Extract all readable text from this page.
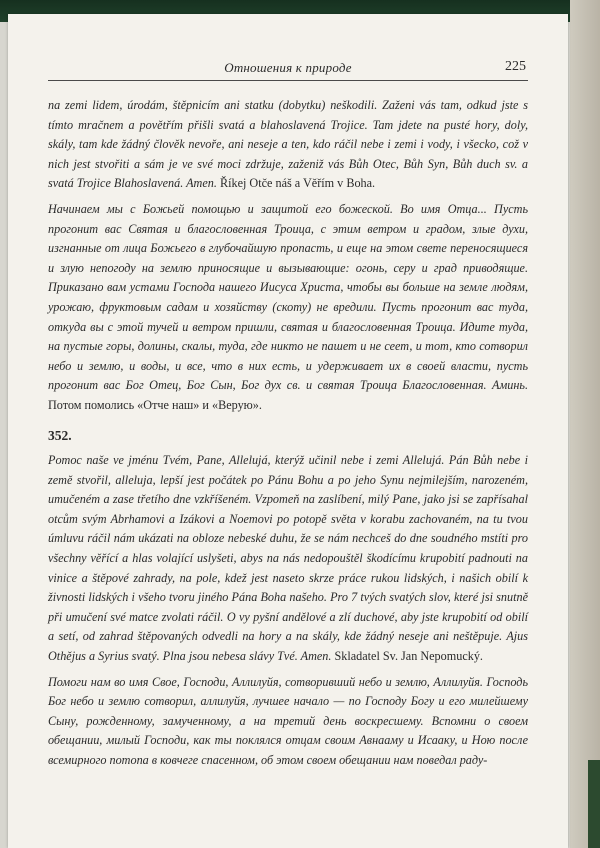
Отношения к природе	225

na zemi lidem, úrodám, štěpnicím ani statku (dobytku) neškodili. Zaženi vás tam, odkud jste s tímto mračnem a povětřím přišli svatá a blahoslavená Trojice. Tam jdete na pusté hory, doly, skály, tam kde žádný člověk nevoře, ani neseje a ten, kdo ráčil nebe i zemi i vody, i všecko, což v nich jest stvořiti a sám je ve své moci zdržuje, zaženiž vás Bůh Otec, Bůh Syn, Bůh duch sv. a svatá Trojice Blahoslavená. Amen. Říkej Otče náš a Věřím v Boha.

Начинаем мы с Божьей помощью и защитой его божеской. Во имя Отца... Пусть прогонит вас Святая и благословенная Троица, с этим ветром и градом, злые духи, изгнанные от лица Божьего в глубочайшую пропасть, и еще на этом свете переносящиеся и злую непогоду на землю приносящие и вызывающие: огонь, серу и град приводящие. Приказано вам устами Господа нашего Иисуса Христа, чтобы вы больше на земле людям, урожаю, фруктовым садам и хозяйству (скоту) не вредили. Пусть прогонит вас туда, откуда вы с этой тучей и ветром пришли, святая и благословенная Троица. Идите туда, на пустые горы, долины, скалы, туда, где никто не пашет и не сеет, и тот, кто сотворил небо и землю, и воды, и все, что в них есть, и удерживает их в своей власти, пусть прогонит вас Бог Отец, Бог Сын, Бог дух св. и святая Троица Благословенная. Аминь. Потом помолись «Отче наш» и «Верую».

352.

Pomoc naše ve jménu Tvém, Pane, Allelujá, kterýž učinil nebe i zemi Allelujá. Pán Bůh nebe i země stvořil, alleluja, lepší jest počátek po Pánu Bohu a po jeho Synu nejmilejším, narozeném, umučeném a zase třetího dne vzkříšeném. Vzpomeň na zaslíbení, milý Pane, jako jsi se zapřísahal otcům svým Abrhamovi a Izákovi a Noemovi po potopě světa v korabu zachovaném, na tu tvou úmluvu ráčil nám ukázati na obloze nebeské duhu, že se nám nechceš do dne soudného mstíti pro všechny věřící a hlas volající uslyšeti, abys na nás nedopouštěl škodícímu krupobití padnouti na vinice a štěpové zahrady, na pole, kdež jest naseto skrze práce rukou lidských, i našich obilí k živnosti lidských i všeho tvoru jiného Pána Boha našeho. Pro 7 tvých svatých slov, které jsi snutně při umučení své matce zvolati ráčil. O vy pyšní andělové a zlí duchové, aby jste krupobití od obilí a setí, od zahrad štěpovaných odvedli na hory a na skály, kde žádný neseje ani neštěpuje. Ajus Othějus a Syrius svatý. Plna jsou nebesa slávy Tvé. Amen. Skladatel Sv. Jan Nepomucký.

Помоги нам во имя Свое, Господи, Аллилуйя, сотворивший небо и землю, Аллилуйя. Господь Бог небо и землю сотворил, аллилуйя, лучшее начало — по Господу Богу и его милейшему Сыну, рожденному, замученному, а на третий день воскресшему. Вспомни о своем обещании, милый Господи, как ты поклялся отцам своим Авнааму и Исааку, и Ною после всемирного потопа в ковчеге спасенном, об этом своем обещании нам поведал раду-
